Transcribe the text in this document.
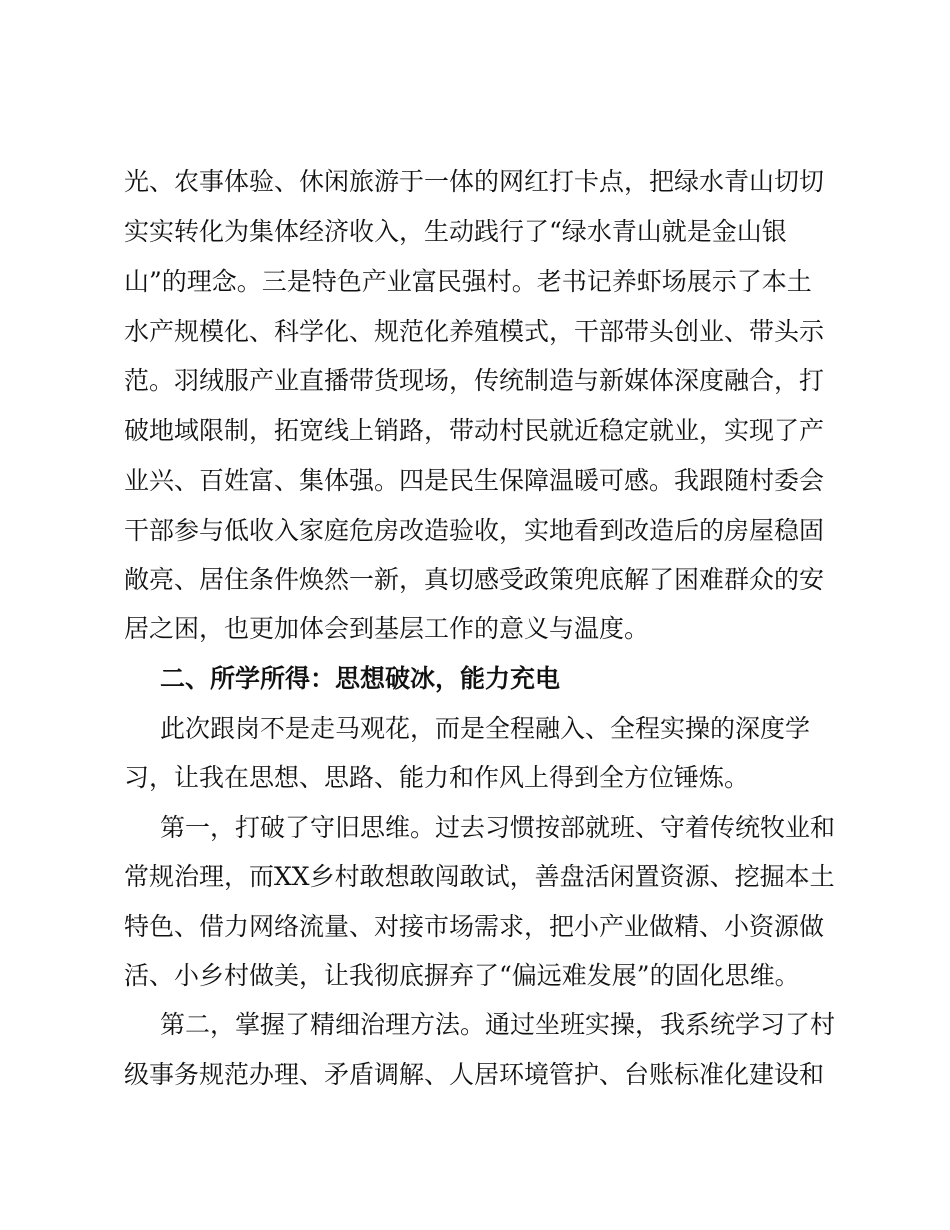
光、农事体验、休闲旅游于一体的网红打卡点，把绿水青山切切
实实转化为集体经济收入，生动践行了“绿水青山就是金山银
山”的理念。三是特色产业富民强村。老书记养虾场展示了本土
水产规模化、科学化、规范化养殖模式，干部带头创业、带头示
范。羽绒服产业直播带货现场，传统制造与新媒体深度融合，打
破地域限制，拓宽线上销路，带动村民就近稳定就业，实现了产
业兴、百姓富、集体强。四是民生保障温暖可感。我跟随村委会
干部参与低收入家庭危房改造验收，实地看到改造后的房屋稳固
敞亮、居住条件焕然一新，真切感受政策兜底解了困难群众的安
居之困，也更加体会到基层工作的意义与温度。
二、所学所得：思想破冰，能力充电
此次跟岗不是走马观花，而是全程融入、全程实操的深度学
习，让我在思想、思路、能力和作风上得到全方位锤炼。
第一，打破了守旧思维。过去习惯按部就班、守着传统牧业和
常规治理，而XX乡村敢想敢闯敢试，善盘活闲置资源、挖掘本土
特色、借力网络流量、对接市场需求，把小产业做精、小资源做
活、小乡村做美，让我彻底摒弃了“偏远难发展”的固化思维。
第二，掌握了精细治理方法。通过坐班实操，我系统学习了村
级事务规范办理、矛盾调解、人居环境管护、台账标准化建设和
